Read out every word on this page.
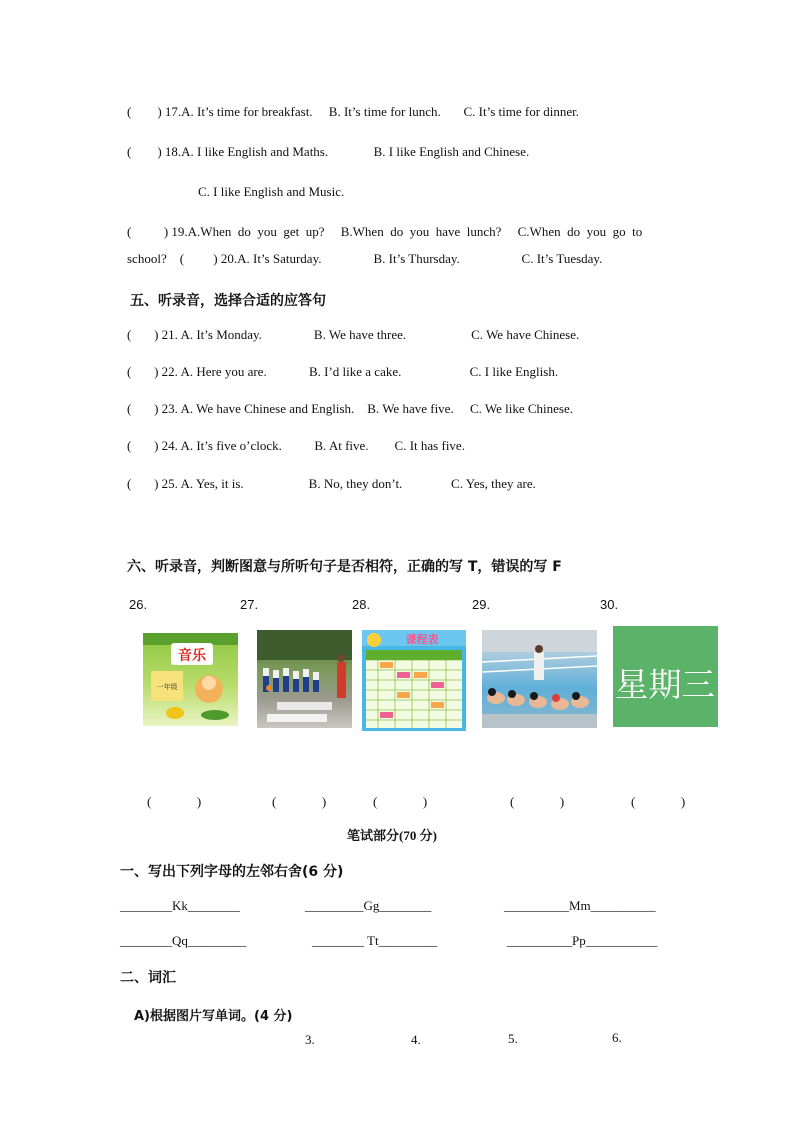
(        ) 17.A. It’s time for breakfast.     B. It’s time for lunch.       C. It’s time for dinner.
(        ) 18.A. I like English and Maths.              B. I like English and Chinese.
C. I like English and Music.
(          ) 19.A.When  do  you  get  up?     B.When  do  you  have  lunch?     C.When  do  you  go  to
school?    (         ) 20.A. It’s Saturday.                B. It’s Thursday.                   C. It’s Tuesday.
五、听录音，选择合适的应答句
(       ) 21. A. It’s Monday.                B. We have three.                    C. We have Chinese.
(       ) 22. A. Here you are.             B. I’d like a cake.                     C. I like English.
(       ) 23. A. We have Chinese and English.    B. We have five.     C. We like Chinese.
(       ) 24. A. It’s five o’clock.          B. At five.        C. It has five.
(       ) 25. A. Yes, it is.                    B. No, they don’t.               C. Yes, they are.
六、听录音，判断图意与所听句子是否相符，正确的写 T，错误的写 F
26.	27.	28.	29.	30.
音乐
一年级
课程表
星期三
(              )	(              )	(              )	(              )	(              )
笔试部分(70 分)
一、写出下列字母的左邻右舍(6 分)
________Kk________	_________Gg________	__________Mm__________
________Qq_________	________ Tt_________	__________Pp___________
二、词汇
A)根据图片写单词。(4 分)
3.	4.	5.	6.
